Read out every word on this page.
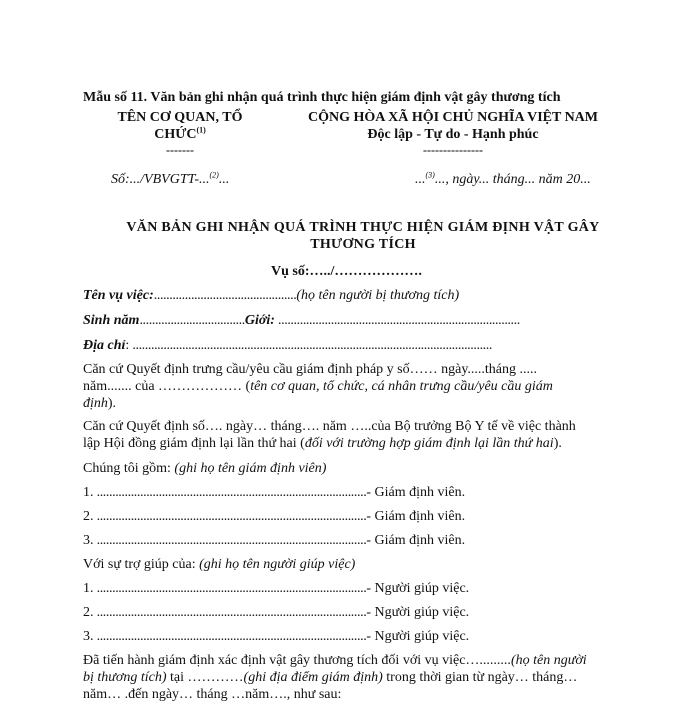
Mẫu số 11. Văn bản ghi nhận quá trình thực hiện giám định vật gây thương tích
TÊN CƠ QUAN, TỔ
CHỨC$^{(1)}$
-------
Số:.../VBVGTT-...$^{(2)}$...
CỘNG HÒA XÃ HỘI CHỦ NGHĨA VIỆT NAM
Độc lập - Tự do - Hạnh phúc
---------------
...$^{(3)}$..., ngày... tháng... năm 20...
VĂN BẢN GHI NHẬN QUÁ TRÌNH THỰC HIỆN GIÁM ĐỊNH VẬT GÂY
THƯƠNG TÍCH
Vụ số:…../……………….
Tên vụ việc:..............................................(họ tên người bị thương tích)
Sinh năm..................................Giới: ..............................................................................
Địa chỉ: ....................................................................................................................
Căn cứ Quyết định trưng cầu/yêu cầu giám định pháp y số…… ngày.....tháng .....
năm....... của ……………… (tên cơ quan, tổ chức, cá nhân trưng cầu/yêu cầu giám
định).
Căn cứ Quyết định số…. ngày… tháng…. năm …..của Bộ trưởng Bộ Y tế về việc thành
lập Hội đồng giám định lại lần thứ hai (đối với trường hợp giám định lại lần thứ hai).
Chúng tôi gồm: (ghi họ tên giám định viên)
1. .......................................................................................- Giám định viên.
2. .......................................................................................- Giám định viên.
3. .......................................................................................- Giám định viên.
Với sự trợ giúp của: (ghi họ tên người giúp việc)
1. .......................................................................................- Người giúp việc.
2. .......................................................................................- Người giúp việc.
3. .......................................................................................- Người giúp việc.
Đã tiến hành giám định xác định vật gây thương tích đối với vụ việc….........(họ tên người
bị thương tích) tại …………(ghi địa điểm giám định) trong thời gian từ ngày… tháng…
năm… .đến ngày… tháng …năm…., như sau:
